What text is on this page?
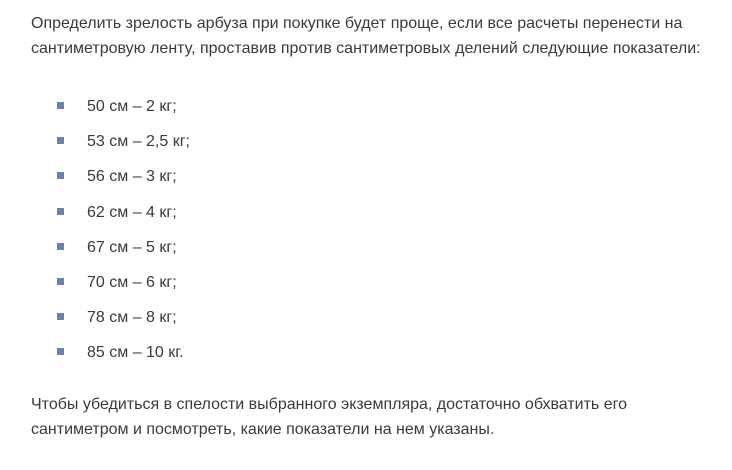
Определить зрелость арбуза при покупке будет проще, если все расчеты перенести на сантиметровую ленту, проставив против сантиметровых делений следующие показатели:

50 см – 2 кг;
53 см – 2,5 кг;
56 см – 3 кг;
62 см – 4 кг;
67 см – 5 кг;
70 см – 6 кг;
78 см – 8 кг;
85 см – 10 кг.

Чтобы убедиться в спелости выбранного экземпляра, достаточно обхватить его сантиметром и посмотреть, какие показатели на нем указаны.
